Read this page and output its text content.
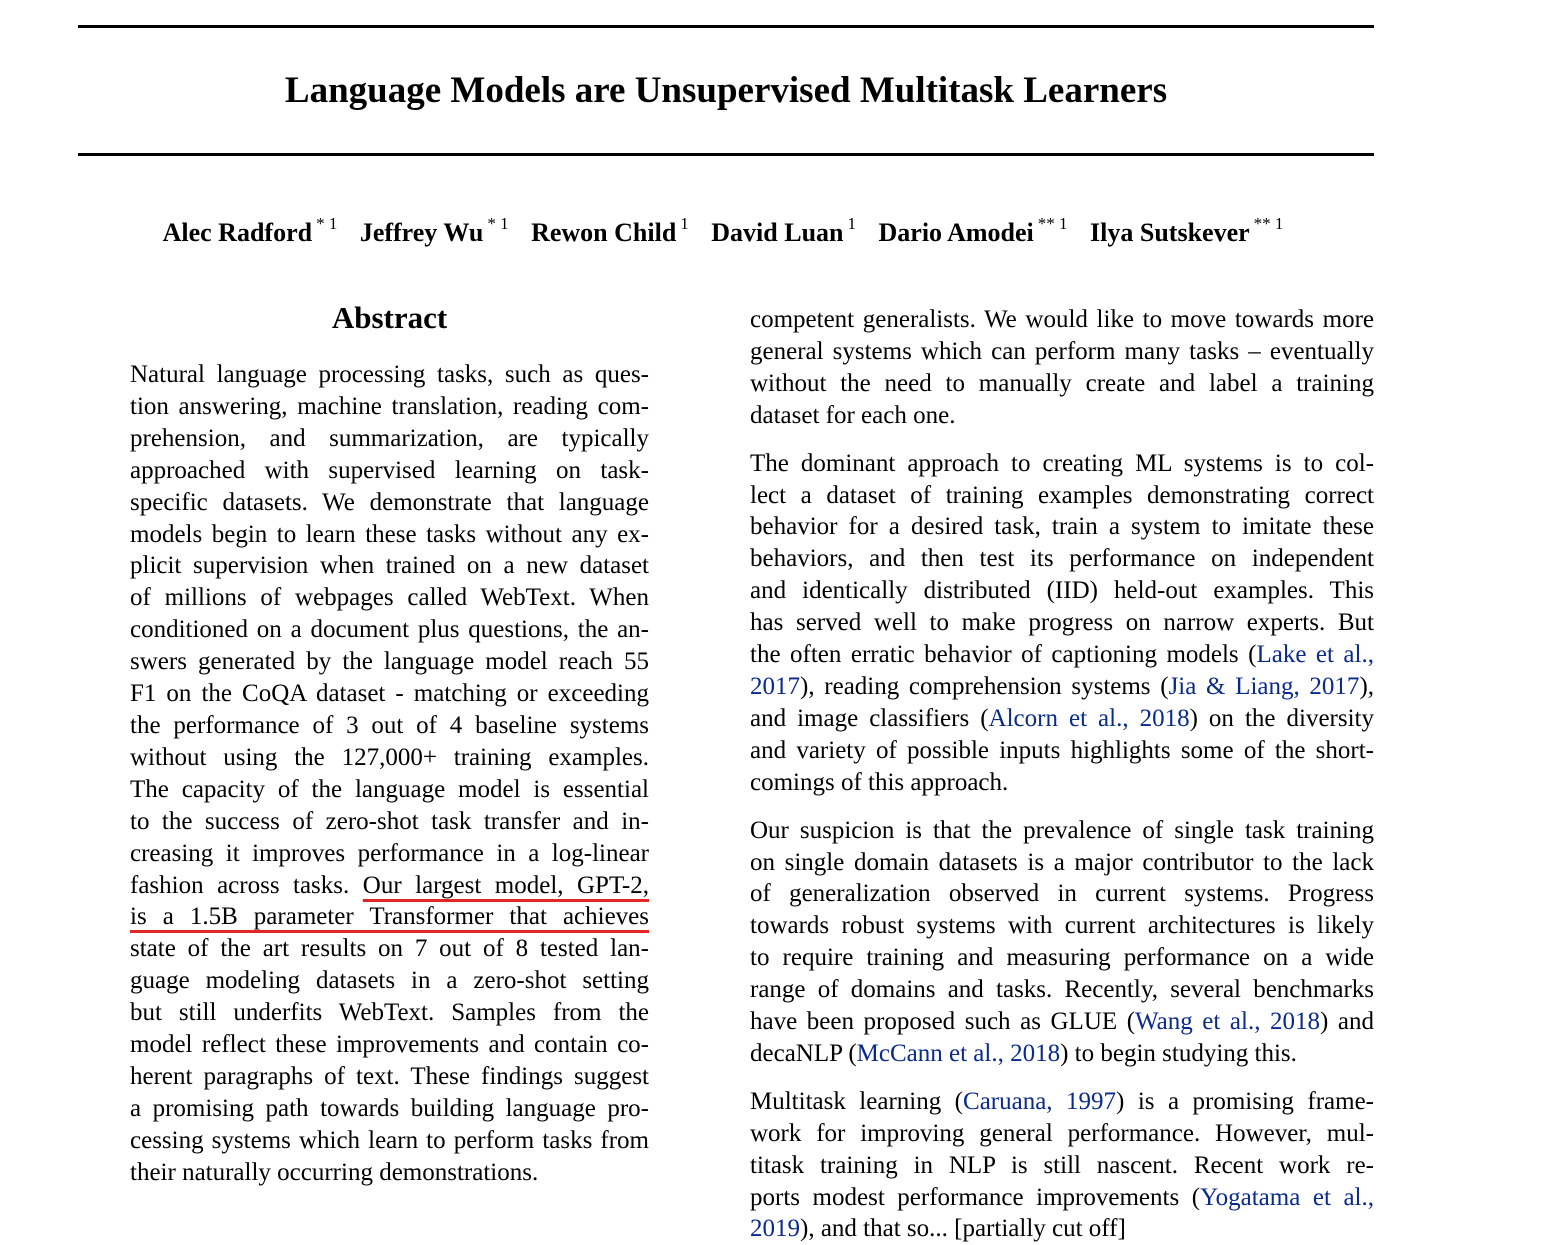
Language Models are Unsupervised Multitask Learners
Alec Radford $^{* 1}$ Jeffrey Wu $^{* 1}$ Rewon Child $^1$ David Luan $^1$ Dario Amodei $^{** 1}$ Ilya Sutskever $^{** 1}$
Abstract

Natural language processing tasks, such as ques-
tion answering, machine translation, reading com-
prehension, and summarization, are typically
approached with supervised learning on task-
specific datasets. We demonstrate that language
models begin to learn these tasks without any ex-
plicit supervision when trained on a new dataset
of millions of webpages called WebText. When
conditioned on a document plus questions, the an-
swers generated by the language model reach 55
F1 on the CoQA dataset - matching or exceeding
the performance of 3 out of 4 baseline systems
without using the 127,000+ training examples.
The capacity of the language model is essential
to the success of zero-shot task transfer and in-
creasing it improves performance in a log-linear
fashion across tasks. Our largest model, GPT-2,
is a 1.5B parameter Transformer that achieves
state of the art results on 7 out of 8 tested lan-
guage modeling datasets in a zero-shot setting
but still underfits WebText. Samples from the
model reflect these improvements and contain co-
herent paragraphs of text. These findings suggest
a promising path towards building language pro-
cessing systems which learn to perform tasks from
their naturally occurring demonstrations.

competent generalists. We would like to move towards more
general systems which can perform many tasks – eventually
without the need to manually create and label a training
dataset for each one.

The dominant approach to creating ML systems is to col-
lect a dataset of training examples demonstrating correct
behavior for a desired task, train a system to imitate these
behaviors, and then test its performance on independent
and identically distributed (IID) held-out examples. This
has served well to make progress on narrow experts. But
the often erratic behavior of captioning models (Lake et al.,
2017), reading comprehension systems (Jia & Liang, 2017),
and image classifiers (Alcorn et al., 2018) on the diversity
and variety of possible inputs highlights some of the short-
comings of this approach.

Our suspicion is that the prevalence of single task training
on single domain datasets is a major contributor to the lack
of generalization observed in current systems. Progress
towards robust systems with current architectures is likely
to require training and measuring performance on a wide
range of domains and tasks. Recently, several benchmarks
have been proposed such as GLUE (Wang et al., 2018) and
decaNLP (McCann et al., 2018) to begin studying this.

Multitask learning (Caruana, 1997) is a promising frame-
work for improving general performance. However, mul-
titask training in NLP is still nascent. Recent work re-
ports modest performance improvements (Yogatama et al.,
2019), and that so... [partially cut off]
